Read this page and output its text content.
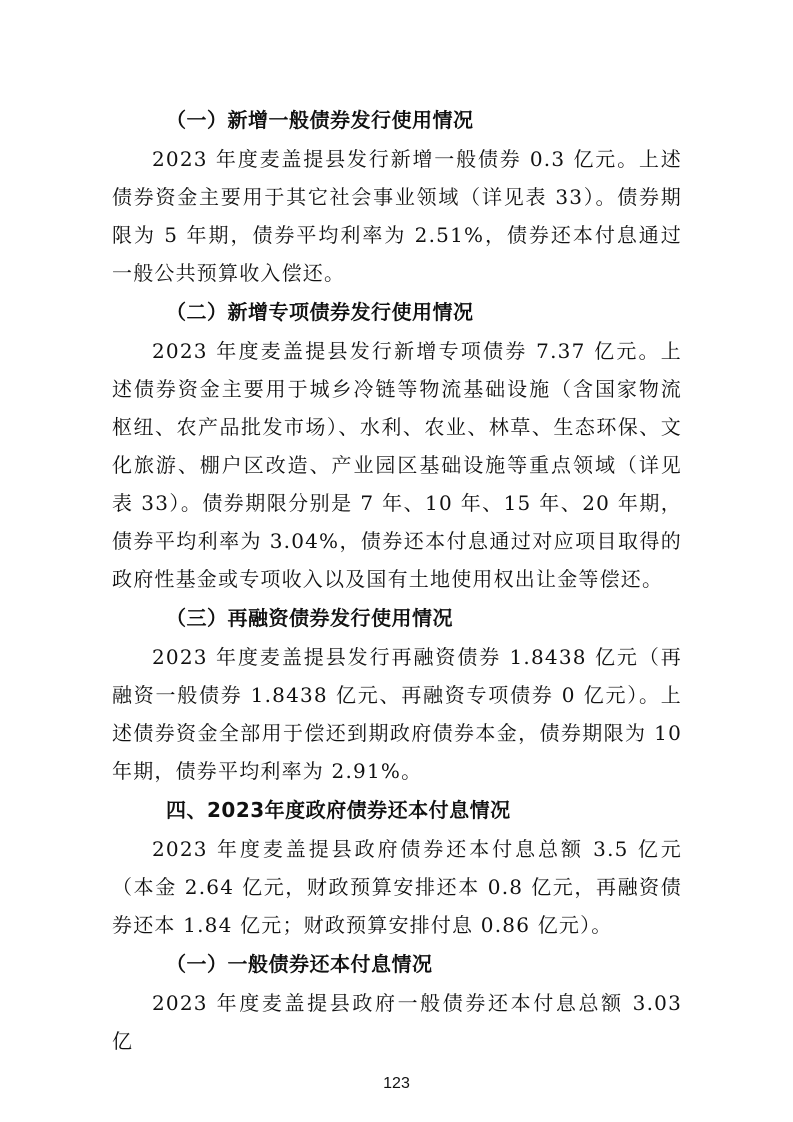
（一）新增一般债券发行使用情况

2023 年度麦盖提县发行新增一般债券 0.3 亿元。上述债券资金主要用于其它社会事业领域（详见表 33）。债券期限为 5 年期，债券平均利率为 2.51%，债券还本付息通过一般公共预算收入偿还。

（二）新增专项债券发行使用情况

2023 年度麦盖提县发行新增专项债券 7.37 亿元。上述债券资金主要用于城乡冷链等物流基础设施（含国家物流枢纽、农产品批发市场）、水利、农业、林草、生态环保、文化旅游、棚户区改造、产业园区基础设施等重点领域（详见表 33）。债券期限分别是 7 年、10 年、15 年、20 年期，债券平均利率为 3.04%，债券还本付息通过对应项目取得的政府性基金或专项收入以及国有土地使用权出让金等偿还。

（三）再融资债券发行使用情况

2023 年度麦盖提县发行再融资债券 1.8438 亿元（再融资一般债券 1.8438 亿元、再融资专项债券 0 亿元）。上述债券资金全部用于偿还到期政府债券本金，债券期限为 10 年期，债券平均利率为 2.91%。

四、2023年度政府债券还本付息情况

2023 年度麦盖提县政府债券还本付息总额 3.5 亿元（本金 2.64 亿元，财政预算安排还本 0.8 亿元，再融资债券还本 1.84 亿元；财政预算安排付息 0.86 亿元）。

（一）一般债券还本付息情况

2023 年度麦盖提县政府一般债券还本付息总额 3.03 亿

123
